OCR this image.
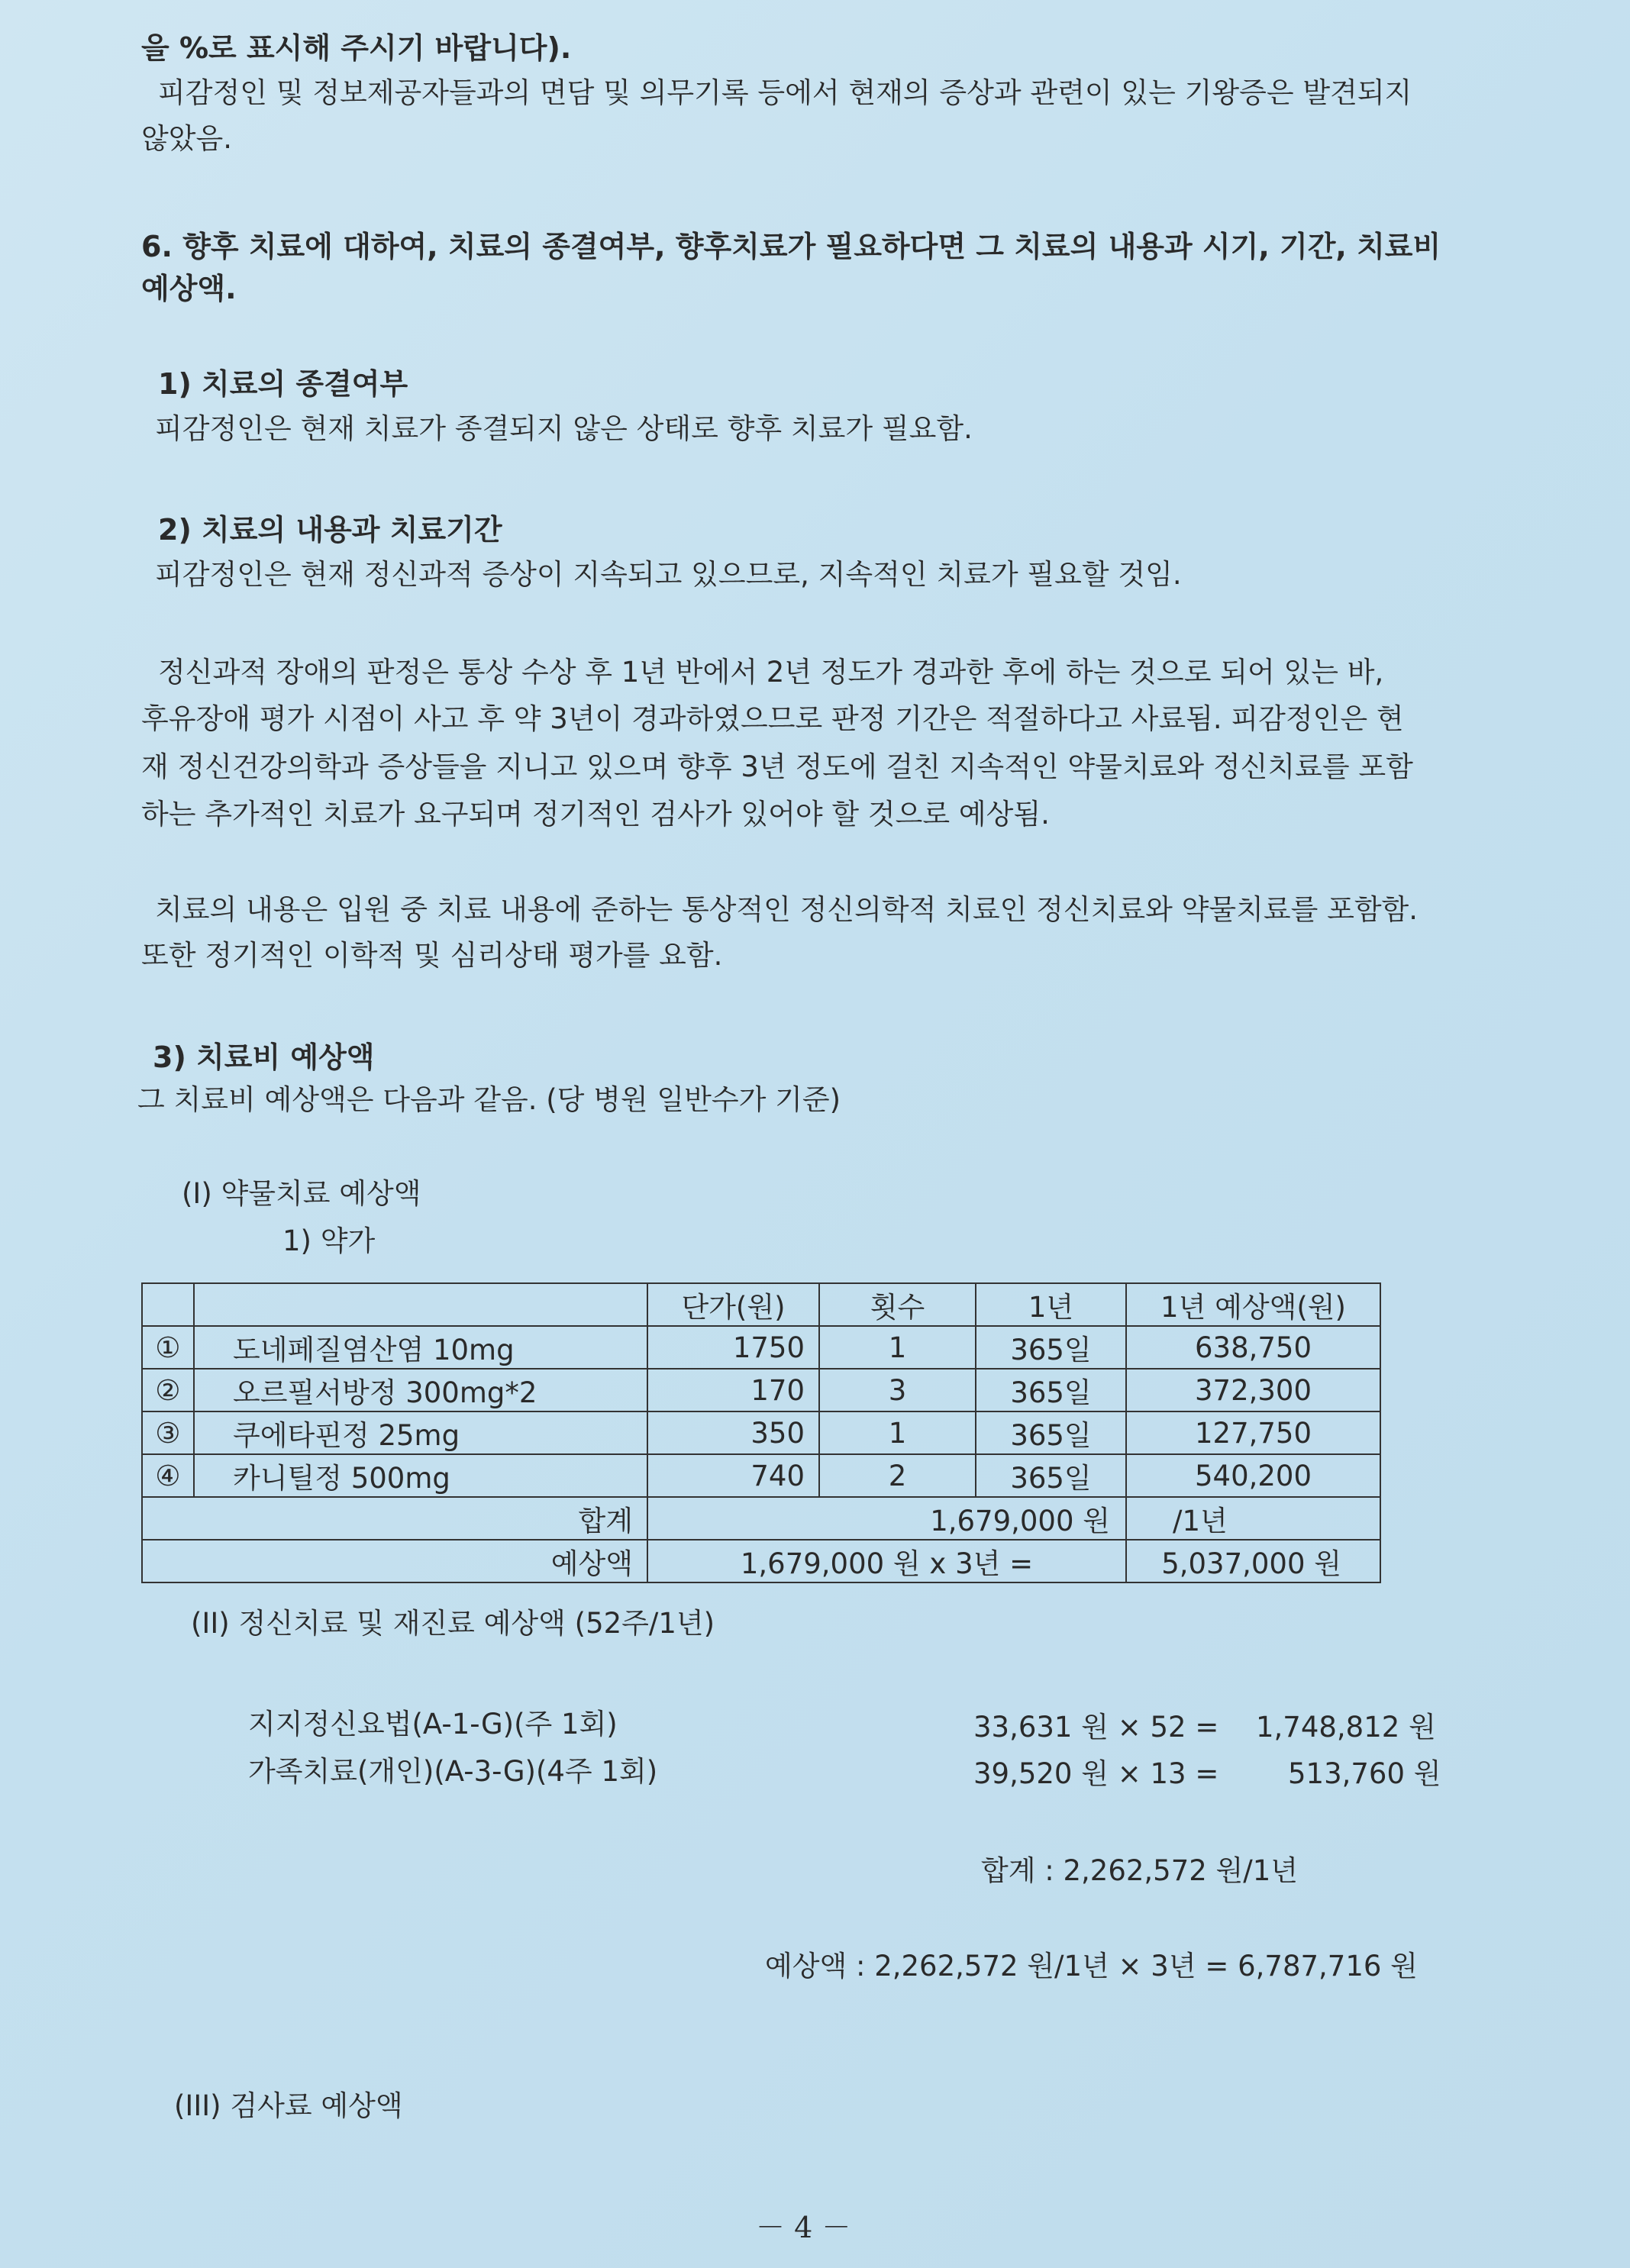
을 %로 표시해 주시기 바랍니다).
피감정인 및 정보제공자들과의 면담 및 의무기록 등에서 현재의 증상과 관련이 있는 기왕증은 발견되지
않았음.
6. 향후 치료에 대하여, 치료의 종결여부, 향후치료가 필요하다면 그 치료의 내용과 시기, 기간, 치료비
예상액.
1) 치료의 종결여부
피감정인은 현재 치료가 종결되지 않은 상태로 향후 치료가 필요함.
2) 치료의 내용과 치료기간
피감정인은 현재 정신과적 증상이 지속되고 있으므로, 지속적인 치료가 필요할 것임.
정신과적 장애의 판정은 통상 수상 후 1년 반에서 2년 정도가 경과한 후에 하는 것으로 되어 있는 바,
후유장애 평가 시점이 사고 후 약 3년이 경과하였으므로 판정 기간은 적절하다고 사료됨. 피감정인은 현
재 정신건강의학과 증상들을 지니고 있으며 향후 3년 정도에 걸친 지속적인 약물치료와 정신치료를 포함
하는 추가적인 치료가 요구되며 정기적인 검사가 있어야 할 것으로 예상됨.
치료의 내용은 입원 중 치료 내용에 준하는 통상적인 정신의학적 치료인 정신치료와 약물치료를 포함함.
또한 정기적인 이학적 및 심리상태 평가를 요함.
3) 치료비 예상액
그 치료비 예상액은 다음과 같음. (당 병원 일반수가 기준)
(I) 약물치료 예상액
1) 약가
		단가(원)	횟수	1년	1년 예상액(원)
①	도네페질염산염 10mg	1750	1	365일	638,750
②	오르필서방정 300mg*2	170	3	365일	372,300
③	쿠에타핀정 25mg	350	1	365일	127,750
④	카니틸정 500mg	740	2	365일	540,200
합계		1,679,000 원			/1년
예상액		1,679,000 원 x 3년 =			5,037,000 원
(II) 정신치료 및 재진료 예상액 (52주/1년)
지지정신요법(A-1-G)(주 1회)	33,631 원 × 52 = 1,748,812 원
가족치료(개인)(A-3-G)(4주 1회)	39,520 원 × 13 = 513,760 원
합계 : 2,262,572 원/1년
예상액 : 2,262,572 원/1년 × 3년 = 6,787,716 원
(III) 검사료 예상액
－ 4 －
